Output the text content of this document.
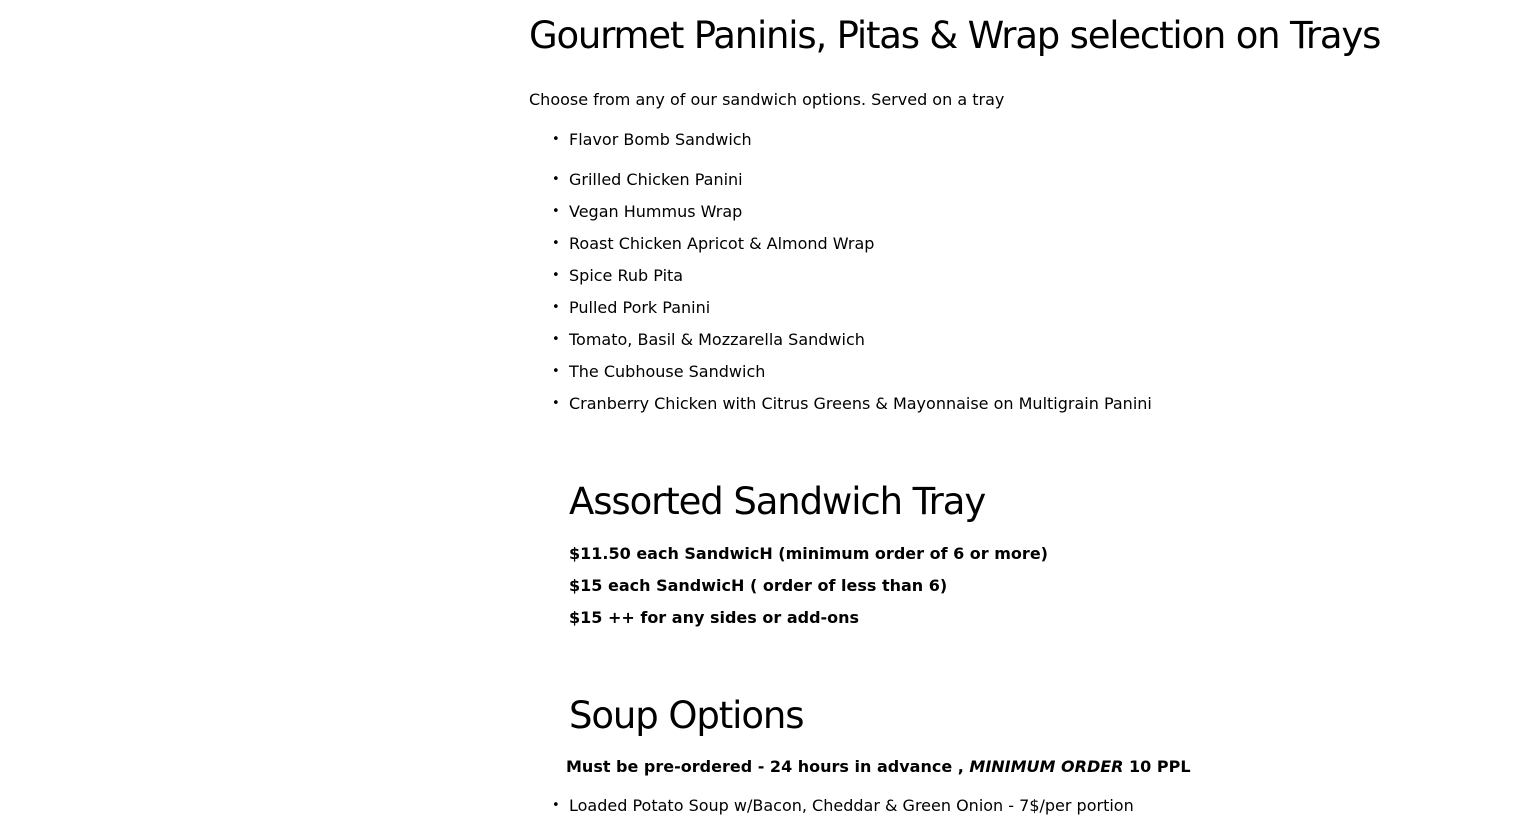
Gourmet Paninis, Pitas & Wrap selection on Trays

Choose from any of our sandwich options. Served on a tray

• Flavor Bomb Sandwich
• Grilled Chicken Panini
• Vegan Hummus Wrap
• Roast Chicken Apricot & Almond Wrap
• Spice Rub Pita
• Pulled Pork Panini
• Tomato, Basil & Mozzarella Sandwich
• The Cubhouse Sandwich
• Cranberry Chicken with Citrus Greens & Mayonnaise on Multigrain Panini
Assorted Sandwich Tray

$11.50 each SandwicH (minimum order of 6 or more)

$15 each SandwicH ( order of less than 6)

$15 ++ for any sides or add-ons

Soup Options

Must be pre-ordered - 24 hours in advance , MINIMUM ORDER 10 PPL

• Loaded Potato Soup w/Bacon, Cheddar & Green Onion - 7$/per portion
